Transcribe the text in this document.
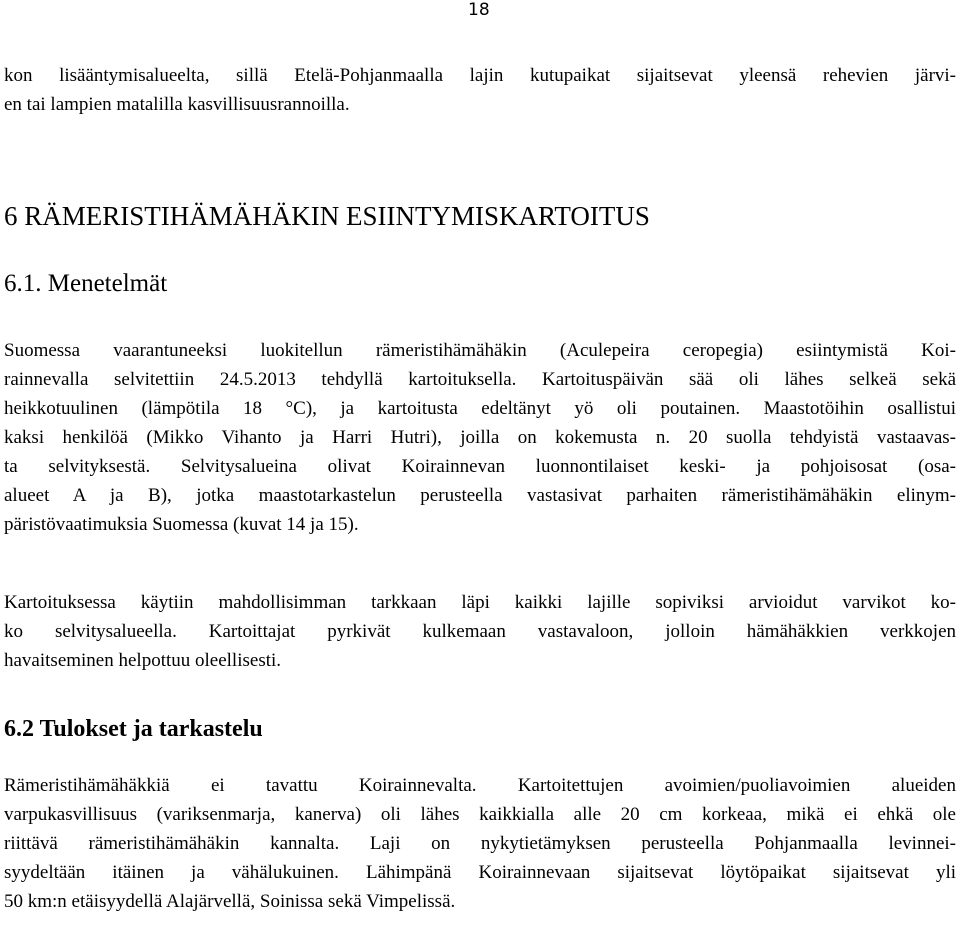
18
kon lisääntymisalueelta, sillä Etelä-Pohjanmaalla lajin kutupaikat sijaitsevat yleensä rehevien järvi-
en tai lampien matalilla kasvillisuusrannoilla.
6 RÄMERISTIHÄMÄHÄKIN ESIINTYMISKARTOITUS
6.1. Menetelmät
Suomessa vaarantuneeksi luokitellun rämeristihämähäkin (Aculepeira ceropegia) esiintymistä Koi-
rainnevalla selvitettiin 24.5.2013 tehdyllä kartoituksella. Kartoituspäivän sää oli lähes selkeä sekä
heikkotuulinen (lämpötila 18 °C), ja kartoitusta edeltänyt yö oli poutainen. Maastotöihin osallistui
kaksi henkilöä (Mikko Vihanto ja Harri Hutri), joilla on kokemusta n. 20 suolla tehdyistä vastaavas-
ta selvityksestä. Selvitysalueina olivat Koirainnevan luonnontilaiset keski- ja pohjoisosat (osa-
alueet A ja B), jotka maastotarkastelun perusteella vastasivat parhaiten rämeristihämähäkin elinym-
päristövaatimuksia Suomessa (kuvat 14 ja 15).
Kartoituksessa käytiin mahdollisimman tarkkaan läpi kaikki lajille sopiviksi arvioidut varvikot ko-
ko selvitysalueella. Kartoittajat pyrkivät kulkemaan vastavaloon, jolloin hämähäkkien verkkojen
havaitseminen helpottuu oleellisesti.
6.2 Tulokset ja tarkastelu
Rämeristihämähäkkiä ei tavattu Koirainnevalta. Kartoitettujen avoimien/puoliavoimien alueiden
varpukasvillisuus (variksenmarja, kanerva) oli lähes kaikkialla alle 20 cm korkeaa, mikä ei ehkä ole
riittävä rämeristihämähäkin kannalta. Laji on nykytietämyksen perusteella Pohjanmaalla levinnei-
syydeltään itäinen ja vähälukuinen. Lähimpänä Koirainnevaan sijaitsevat löytöpaikat sijaitsevat yli
50 km:n etäisyydellä Alajärvellä, Soinissa sekä Vimpelissä.
